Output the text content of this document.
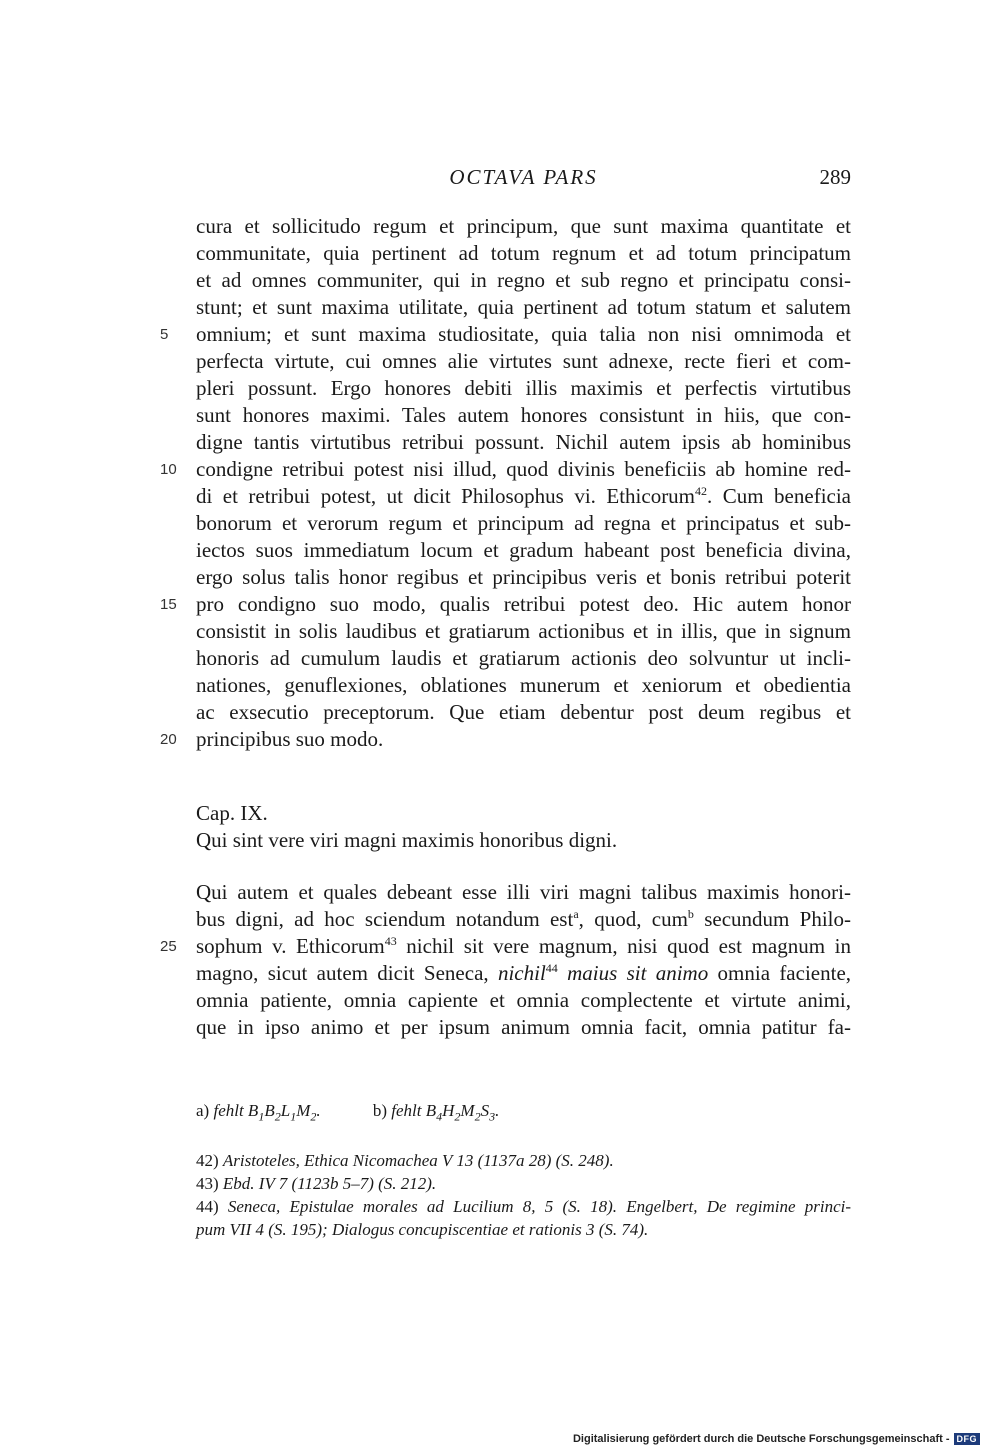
OCTAVA PARS	289
cura et sollicitudo regum et principum, que sunt maxima quantitate et
communitate, quia pertinent ad totum regnum et ad totum principatum
et ad omnes communiter, qui in regno et sub regno et principatu consi-
stunt; et sunt maxima utilitate, quia pertinent ad totum statum et salutem
5 omnium; et sunt maxima studiositate, quia talia non nisi omnimoda et
perfecta virtute, cui omnes alie virtutes sunt adnexe, recte fieri et com-
pleri possunt. Ergo honores debiti illis maximis et perfectis virtutibus
sunt honores maximi. Tales autem honores consistunt in hiis, que con-
digne tantis virtutibus retribui possunt. Nichil autem ipsis ab hominibus
10 condigne retribui potest nisi illud, quod divinis beneficiis ab homine red-
di et retribui potest, ut dicit Philosophus vi. Ethicorum$^{42}$. Cum beneficia
bonorum et verorum regum et principum ad regna et principatus et sub-
iectos suos immediatum locum et gradum habeant post beneficia divina,
ergo solus talis honor regibus et principibus veris et bonis retribui poterit
15 pro condigno suo modo, qualis retribui potest deo. Hic autem honor
consistit in solis laudibus et gratiarum actionibus et in illis, que in signum
honoris ad cumulum laudis et gratiarum actionis deo solvuntur ut incli-
nationes, genuflexiones, oblationes munerum et xeniorum et obedientia
ac exsecutio preceptorum. Que etiam debentur post deum regibus et
20 principibus suo modo.
Cap. IX.
Qui sint vere viri magni maximis honoribus digni.
Qui autem et quales debeant esse illi viri magni talibus maximis honori-
bus digni, ad hoc sciendum notandum est$^a$, quod, cum$^b$ secundum Philo-
25 sophum v. Ethicorum$^{43}$ nichil sit vere magnum, nisi quod est magnum in
magno, sicut autem dicit Seneca, nichil$^{44}$ maius sit animo omnia faciente,
omnia patiente, omnia capiente et omnia complectente et virtute animi,
que in ipso animo et per ipsum animum omnia facit, omnia patitur fa-
a) fehlt $B_1B_2L_1M_2$.	b) fehlt $B_4H_2M_2S_3$.
42) Aristoteles, Ethica Nicomachea V 13 (1137a 28) (S. 248).
43) Ebd. IV 7 (1123b 5–7) (S. 212).
44) Seneca, Epistulae morales ad Lucilium 8, 5 (S. 18). Engelbert, De regimine princi-
pum VII 4 (S. 195); Dialogus concupiscentiae et rationis 3 (S. 74).
Digitalisierung gefördert durch die Deutsche Forschungsgemeinschaft - DFG
